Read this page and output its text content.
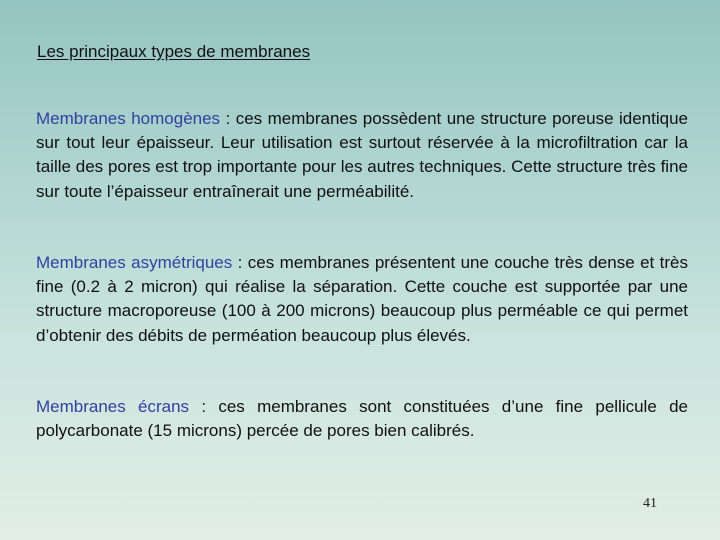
Les principaux types de membranes

Membranes homogènes : ces membranes possèdent une structure poreuse identique sur tout leur épaisseur. Leur utilisation est surtout réservée à la microfiltration car la taille des pores est trop importante pour les autres techniques. Cette structure très fine sur toute l’épaisseur entraînerait une perméabilité.

Membranes asymétriques : ces membranes présentent une couche très dense et très fine (0.2 à 2 micron) qui réalise la séparation. Cette couche est supportée par une structure macroporeuse (100 à 200 microns) beaucoup plus perméable ce qui permet d’obtenir des débits de perméation beaucoup plus élevés.

Membranes écrans : ces membranes sont constituées d’une fine pellicule de polycarbonate (15 microns) percée de pores bien calibrés.

41
